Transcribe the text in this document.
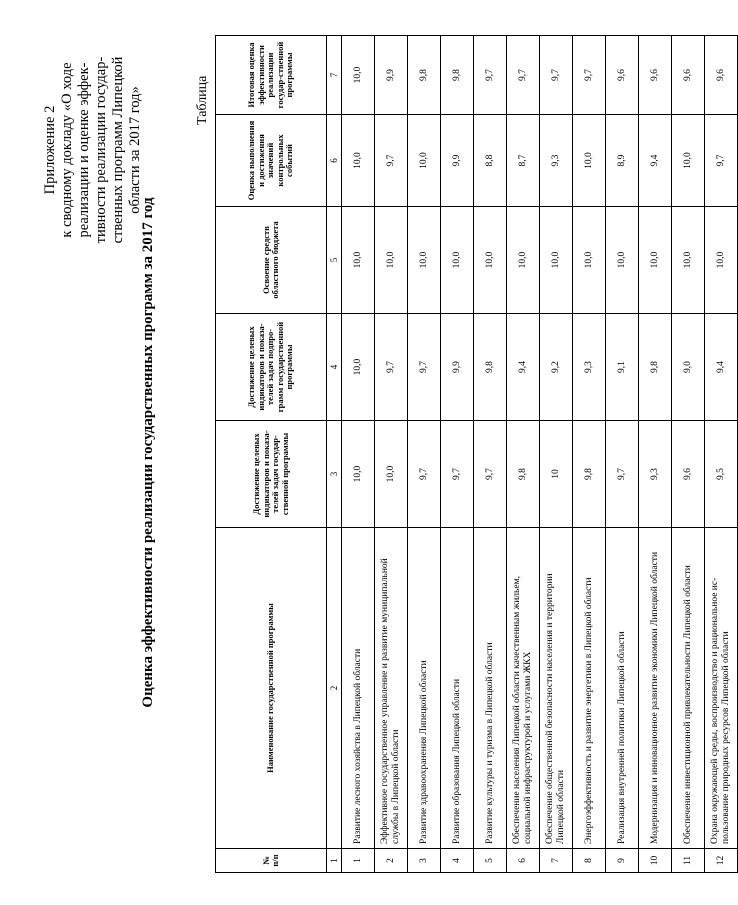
Приложение 2 к сводному докладу «О ходе реализации и оценке эффек- тивности реализации государ- ственных программ Липецкой области за 2017 год»
Оценка эффективности реализации государственных программ за 2017 год
Таблица
№ п/п	Наименование государственной программы	Достижение целевых индикаторов и показа-телей задач государ-ственной программы	Достижение целевых индикаторов и показа-телей задач подпро-грамм государственной программы	Освоение средств областного бюджета	Оценка выполнения и достижения значений контрольных событий	Итоговая оценка эффективности реализации государ-ственной программы
1	2	3	4	5	6	7
1	Развитие лесного хозяйства в Липецкой области	10,0	10,0	10,0	10,0	10,0
2	Эффективное государственное управление и развитие муниципальной службы в Липецкой области	10,0	9,7	10,0	9,7	9,9
3	Развитие здравоохранения Липецкой области	9,7	9,7	10,0	10,0	9,8
4	Развитие образования Липецкой области	9,7	9,9	10,0	9,9	9,8
5	Развитие культуры и туризма в Липецкой области	9,7	9,8	10,0	8,8	9,7
6	Обеспечение населения Липецкой области качественным жильем, социальной инфраструктурой и услугами ЖКХ	9,8	9,4	10,0	8,7	9,7
7	Обеспечение общественной безопасности населения и территории Липецкой области	10	9,2	10,0	9,3	9,7
8	Энергоэффективность и развитие энергетики в Липецкой области	9,8	9,3	10,0	10,0	9,7
9	Реализация внутренней политики Липецкой области	9,7	9,1	10,0	8,9	9,6
10	Модернизация и инновационное развитие экономики Липецкой области	9,3	9,8	10,0	9,4	9,6
11	Обеспечение инвестиционной привлекательности Липецкой области	9,6	9,0	10,0	10,0	9,6
12	Охрана окружающей среды, воспроизводство и рациональное ис-пользование природных ресурсов Липецкой области	9,5	9,4	10,0	9,7	9,6
